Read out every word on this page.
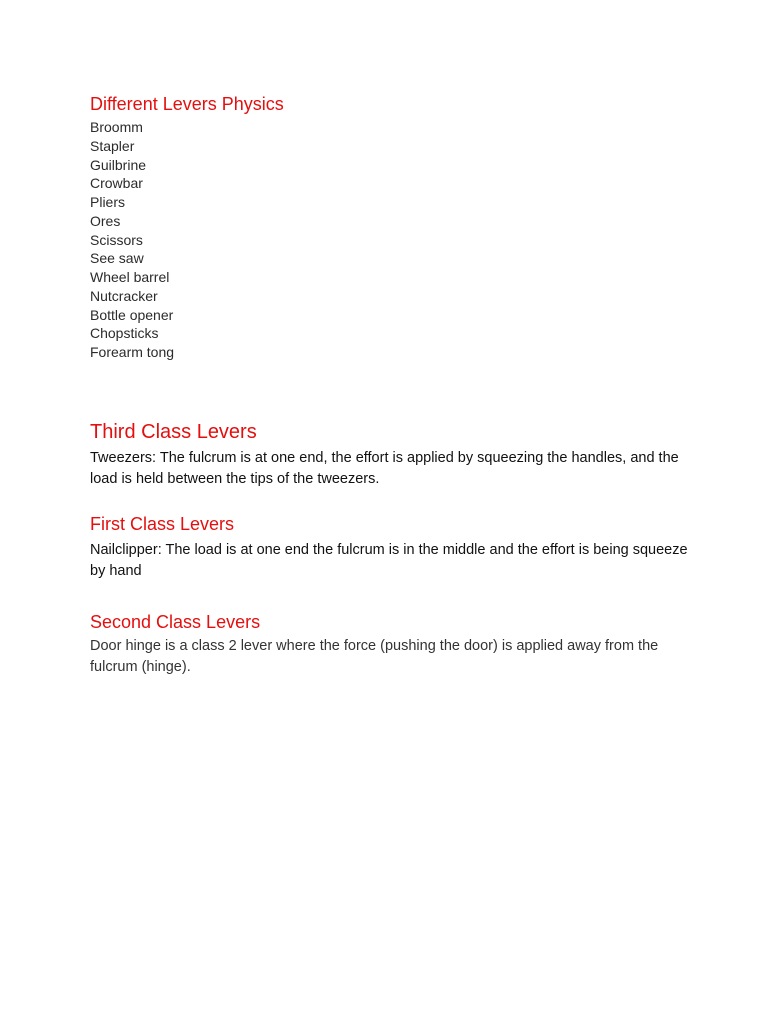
Different Levers Physics
Broomm
Stapler
Guilbrine
Crowbar
Pliers
Ores
Scissors
See saw
Wheel barrel
Nutcracker
Bottle opener
Chopsticks
Forearm tong
Third Class Levers

Tweezers: The fulcrum is at one end, the effort is applied by squeezing the handles, and the load is held between the tips of the tweezers.

First Class Levers

Nailclipper: The load is at one end the fulcrum is in the middle and the effort is being squeeze by hand

Second Class Levers

Door hinge is a class 2 lever where the force (pushing the door) is applied away from the fulcrum (hinge).
